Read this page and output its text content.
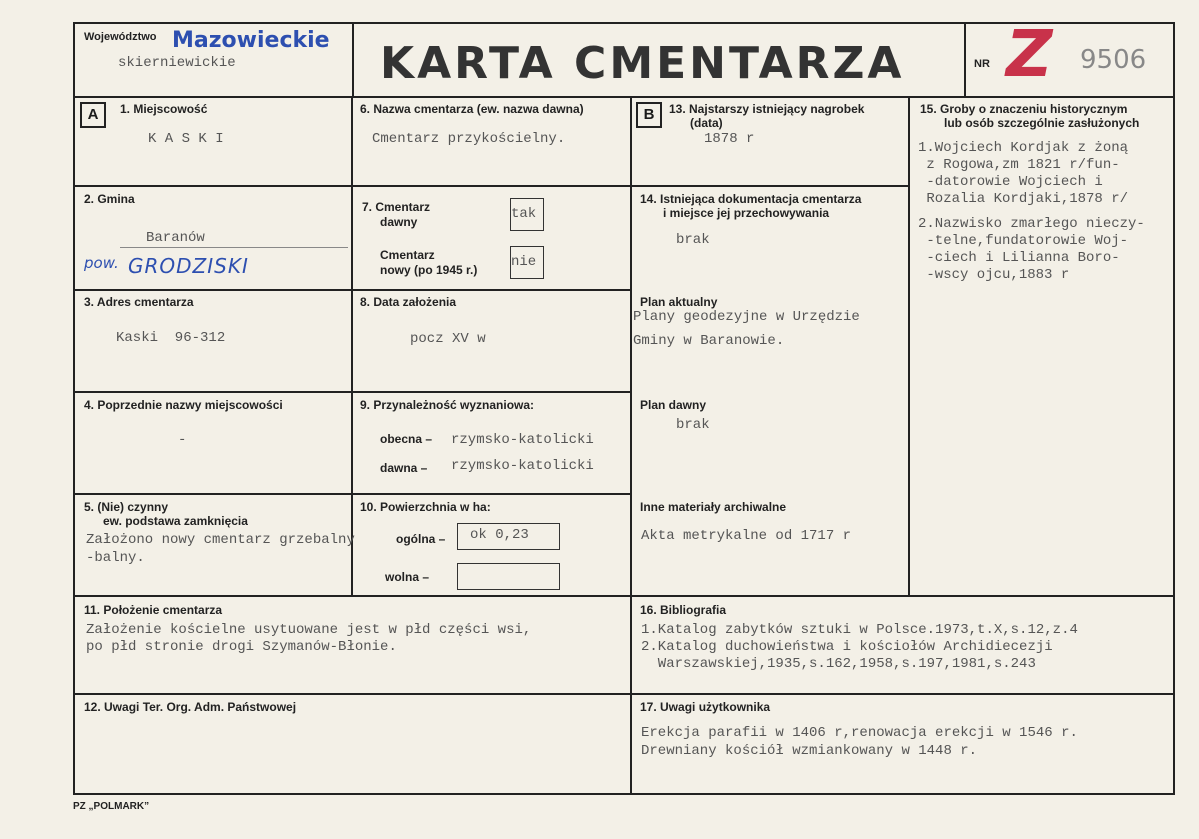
Województwo Mazowieckie
skierniewickie	KARTA CMENTARZA	NR Z 9506
A	B
1. Miejscowość
K A S K I
2. Gmina
Baranów
pow. GRODZISKI
3. Adres cmentarza
Kaski  96-312
4. Poprzednie nazwy miejscowości
-
5. (Nie) czynny
ew. podstawa zamknięcia
Założono nowy cmentarz grzebalny
-balny.
6. Nazwa cmentarza (ew. nazwa dawna)
Cmentarz przykościelny.
7. Cmentarz
dawny	tak
Cmentarz
nowy (po 1945 r.) nie
8. Data założenia
pocz XV w
9. Przynależność wyznaniowa:
obecna – rzymsko-katolicki
dawna – rzymsko-katolicki
10. Powierzchnia w ha:
ogólna – ok 0,23
wolna –
13. Najstarszy istniejący nagrobek
(data)
1878 r
14. Istniejąca dokumentacja cmentarza
i miejsce jej przechowywania
brak
Plan aktualny
Plany geodezyjne w Urzędzie
Gminy w Baranowie.
Plan dawny
brak
Inne materiały archiwalne
Akta metrykalne od 1717 r
15. Groby o znaczeniu historycznym
lub osób szczególnie zasłużonych
1.Wojciech Kordjak z żoną
z Rogowa,zm 1821 r/fun-
-datorowie Wojciech i
Rozalia Kordjaki,1878 r/
2.Nazwisko zmarłego nieczy-
-telne,fundatorowie Woj-
-ciech i Lilianna Boro-
-wscy ojcu,1883 r
11. Położenie cmentarza
Założenie kościelne usytuowane jest w płd części wsi,
po płd stronie drogi Szymanów-Błonie.
16. Bibliografia
1.Katalog zabytków sztuki w Polsce.1973,t.X,s.12,z.4
2.Katalog duchowieństwa i kościołów Archidiecezji
Warszawskiej,1935,s.162,1958,s.197,1981,s.243
12. Uwagi Ter. Org. Adm. Państwowej	17. Uwagi użytkownika
Erekcja parafii w 1406 r,renowacja erekcji w 1546 r.
Drewniany kościół wzmiankowany w 1448 r.
PZ „POLMARK”
